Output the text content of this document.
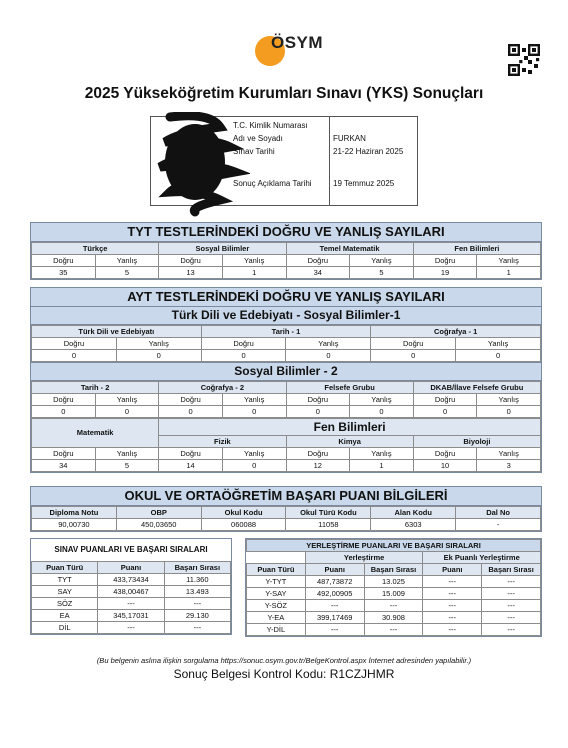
ÖSYM
2025 Yükseköğretim Kurumları Sınavı (YKS) Sonuçları
T.C. Kimlik Numarası
Adı ve Soyadı	FURKAN
Sınav Tarihi	21-22 Haziran 2025
Sonuç Açıklama Tarihi	19 Temmuz 2025
TYT TESTLERİNDEKİ DOĞRU VE YANLIŞ SAYILARI
Türkçe		Sosyal Bilimler		Temel Matematik		Fen Bilimleri	
Doğru	Yanlış	Doğru	Yanlış	Doğru	Yanlış	Doğru	Yanlış
35	5	13	1	34	5	19	1
AYT TESTLERİNDEKİ DOĞRU VE YANLIŞ SAYILARI
Türk Dili ve Edebiyatı - Sosyal Bilimler-1
Türk Dili ve Edebiyatı		Tarih - 1		Coğrafya - 1	
Doğru	Yanlış	Doğru	Yanlış	Doğru	Yanlış
0	0	0	0	0	0
Sosyal Bilimler - 2
Tarih - 2		Coğrafya - 2		Felsefe Grubu		DKAB/İlave Felsefe Grubu	
Doğru	Yanlış	Doğru	Yanlış	Doğru	Yanlış	Doğru	Yanlış
0	0	0	0	0	0	0	0
Matematik		Fen Bilimleri					
		Fizik		Kimya		Biyoloji	
Doğru	Yanlış	Doğru	Yanlış	Doğru	Yanlış	Doğru	Yanlış
34	5	14	0	12	1	10	3
OKUL VE ORTAÖĞRETİM BAŞARI PUANI BİLGİLERİ
Diploma Notu	OBP	Okul Kodu	Okul Türü Kodu	Alan Kodu	Dal No
90,00730	450,03650	060088	11058	6303	-
SINAV PUANLARI VE BAŞARI SIRALARI		
Puan Türü	Puanı	Başarı Sırası
TYT	433,73434	11.360
SAY	438,00467	13.493
SÖZ	---	---
EA	345,17031	29.130
DİL	---	---
YERLEŞTİRME PUANLARI VE BAŞARI SIRALARI				
	Yerleştirme		Ek Puanlı Yerleştirme	
Puan Türü	Puanı	Başarı Sırası	Puanı	Başarı Sırası
Y-TYT	487,73872	13.025	---	---
Y-SAY	492,00905	15.009	---	---
Y-SÖZ	---	---	---	---
Y-EA	399,17469	30.908	---	---
Y-DİL	---	---	---	---
(Bu belgenin aslına ilişkin sorgulama https://sonuc.osym.gov.tr/BelgeKontrol.aspx İnternet adresinden yapılabilir.)
Sonuç Belgesi Kontrol Kodu: R1CZJHMR
